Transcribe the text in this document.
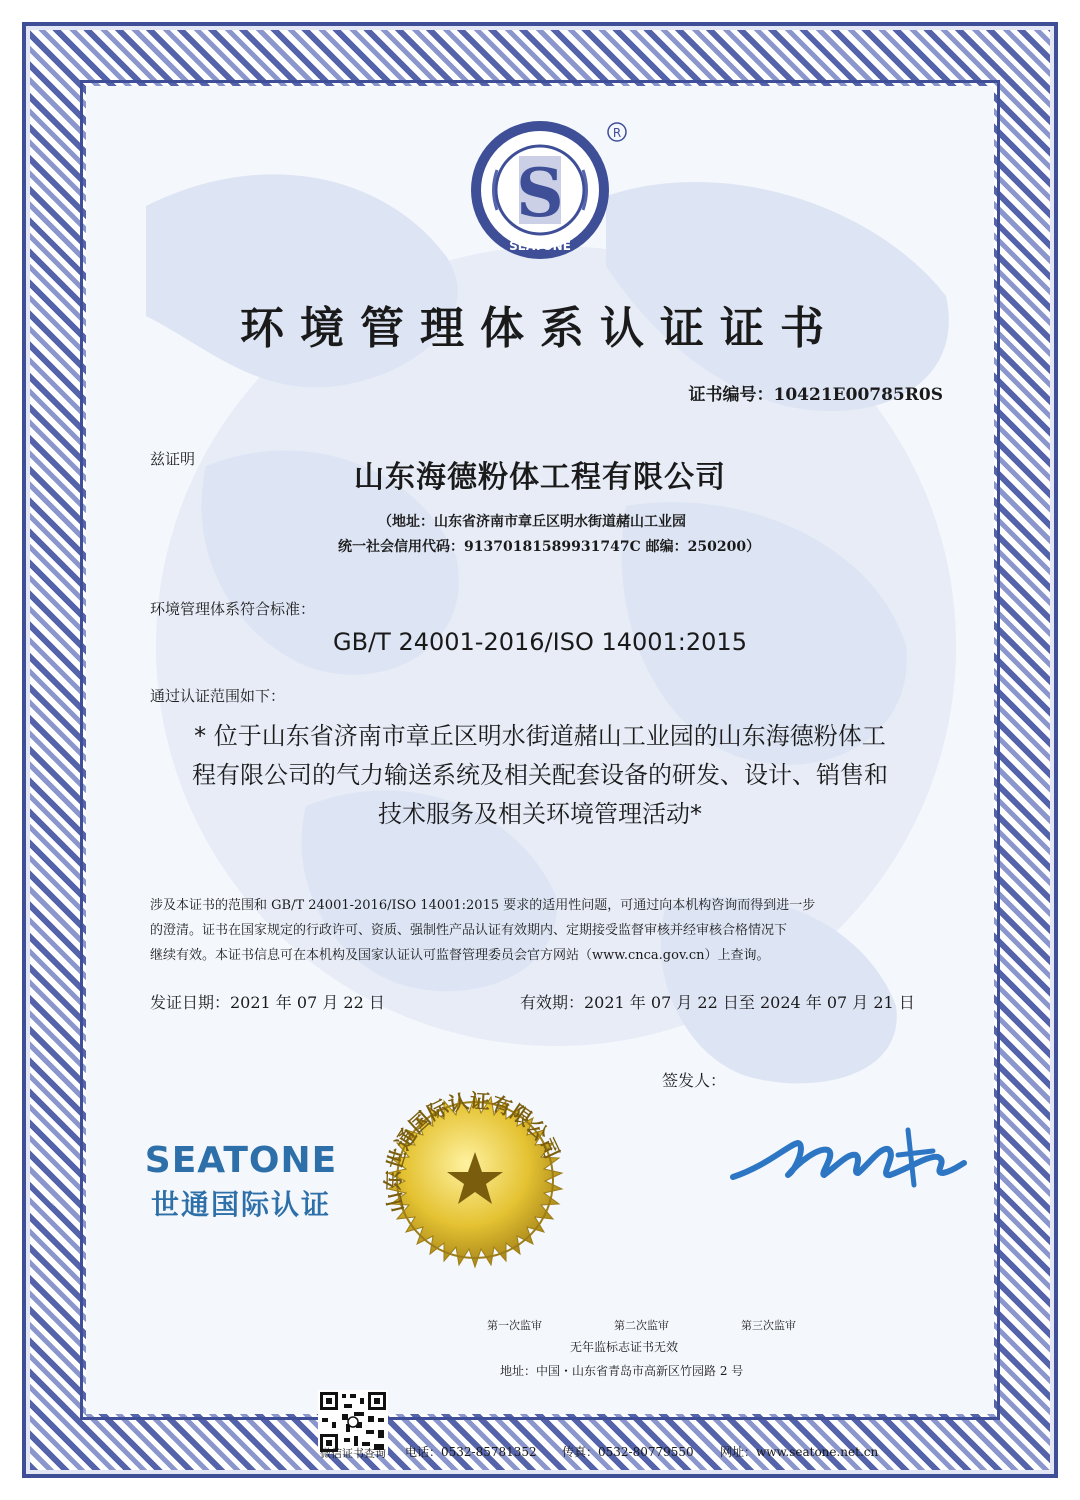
S
SEATONE
R
环境管理体系认证证书
证书编号：10421E00785R0S
兹证明
山东海德粉体工程有限公司
（地址：山东省济南市章丘区明水街道赭山工业园
统一社会信用代码：91370181589931747C 邮编：250200）
环境管理体系符合标准：
GB/T 24001-2016/ISO 14001:2015
通过认证范围如下：
* 位于山东省济南市章丘区明水街道赭山工业园的山东海德粉体工
程有限公司的气力输送系统及相关配套设备的研发、设计、销售和
技术服务及相关环境管理活动*
涉及本证书的范围和 GB/T 24001-2016/ISO 14001:2015 要求的适用性问题，可通过向本机构咨询而得到进一步
的澄清。证书在国家规定的行政许可、资质、强制性产品认证有效期内、定期接受监督审核并经审核合格情况下
继续有效。本证书信息可在本机构及国家认证认可监督管理委员会官方网站（www.cnca.gov.cn）上查询。
发证日期：2021 年 07 月 22 日	有效期：2021 年 07 月 22 日至 2024 年 07 月 21 日
签发人：
SEATONE
世通国际认证	山东世通国际认证有限公司
第一次监审	第二次监审	第三次监审
无年监标志证书无效
地址：中国・山东省青岛市高新区竹园路 2 号
微信证书查询 电话：0532-85781352 传真：0532-80779550 网址：www.seatone.net.cn
